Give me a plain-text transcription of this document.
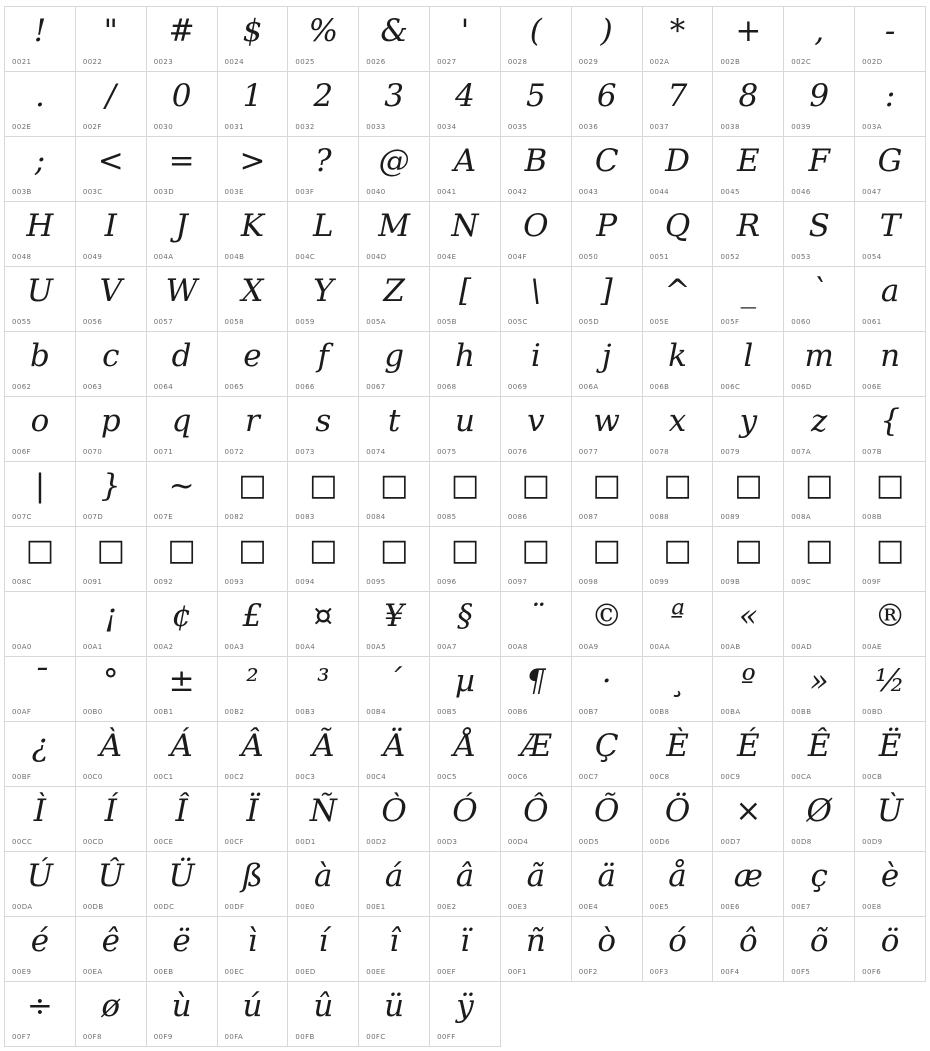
!
0021
"
0022
#
0023
$
0024
%
0025
&
0026
'
0027
(
0028
)
0029
*
002A
+
002B
,
002C
-
002D
.
002E
/
002F
0
0030
1
0031
2
0032
3
0033
4
0034
5
0035
6
0036
7
0037
8
0038
9
0039
:
003A
;
003B
<
003C
=
003D
>
003E
?
003F
@
0040
A
0041
B
0042
C
0043
D
0044
E
0045
F
0046
G
0047
H
0048
I
0049
J
004A
K
004B
L
004C
M
004D
N
004E
O
004F
P
0050
Q
0051
R
0052
S
0053
T
0054
U
0055
V
0056
W
0057
X
0058
Y
0059
Z
005A
[
005B
\
005C
]
005D
^
005E
_
005F
`
0060
a
0061
b
0062
c
0063
d
0064
e
0065
f
0066
g
0067
h
0068
i
0069
j
006A
k
006B
l
006C
m
006D
n
006E
o
006F
p
0070
q
0071
r
0072
s
0073
t
0074
u
0075
v
0076
w
0077
x
0078
y
0079
z
007A
{
007B
|
007C
}
007D
~
007E
□
0082
□
0083
□
0084
□
0085
□
0086
□
0087
□
0088
□
0089
□
008A
□
008B
□
008C
□
0091
□
0092
□
0093
□
0094
□
0095
□
0096
□
0097
□
0098
□
0099
□
009B
□
009C
□
009F
00A0
¡
00A1
¢
00A2
£
00A3
¤
00A4
¥
00A5
§
00A7
¨
00A8
©
00A9
ª
00AA
«
00AB	00AD
®
00AE
¯
00AF
°
00B0
±
00B1
²
00B2
³
00B3
´
00B4
µ
00B5
¶
00B6
·
00B7
¸
00B8
º
00BA
»
00BB
½
00BD
¿
00BF
À
00C0
Á
00C1
Â
00C2
Ã
00C3
Ä
00C4
Å
00C5
Æ
00C6
Ç
00C7
È
00C8
É
00C9
Ê
00CA
Ë
00CB
Ì
00CC
Í
00CD
Î
00CE
Ï
00CF
Ñ
00D1
Ò
00D2
Ó
00D3
Ô
00D4
Õ
00D5
Ö
00D6
×
00D7
Ø
00D8
Ù
00D9
Ú
00DA
Û
00DB
Ü
00DC
ß
00DF
à
00E0
á
00E1
â
00E2
ã
00E3
ä
00E4
å
00E5
æ
00E6
ç
00E7
è
00E8
é
00E9
ê
00EA
ë
00EB
ì
00EC
í
00ED
î
00EE
ï
00EF
ñ
00F1
ò
00F2
ó
00F3
ô
00F4
õ
00F5
ö
00F6
÷
00F7
ø
00F8
ù
00F9
ú
00FA
û
00FB
ü
00FC
ÿ
00FF
